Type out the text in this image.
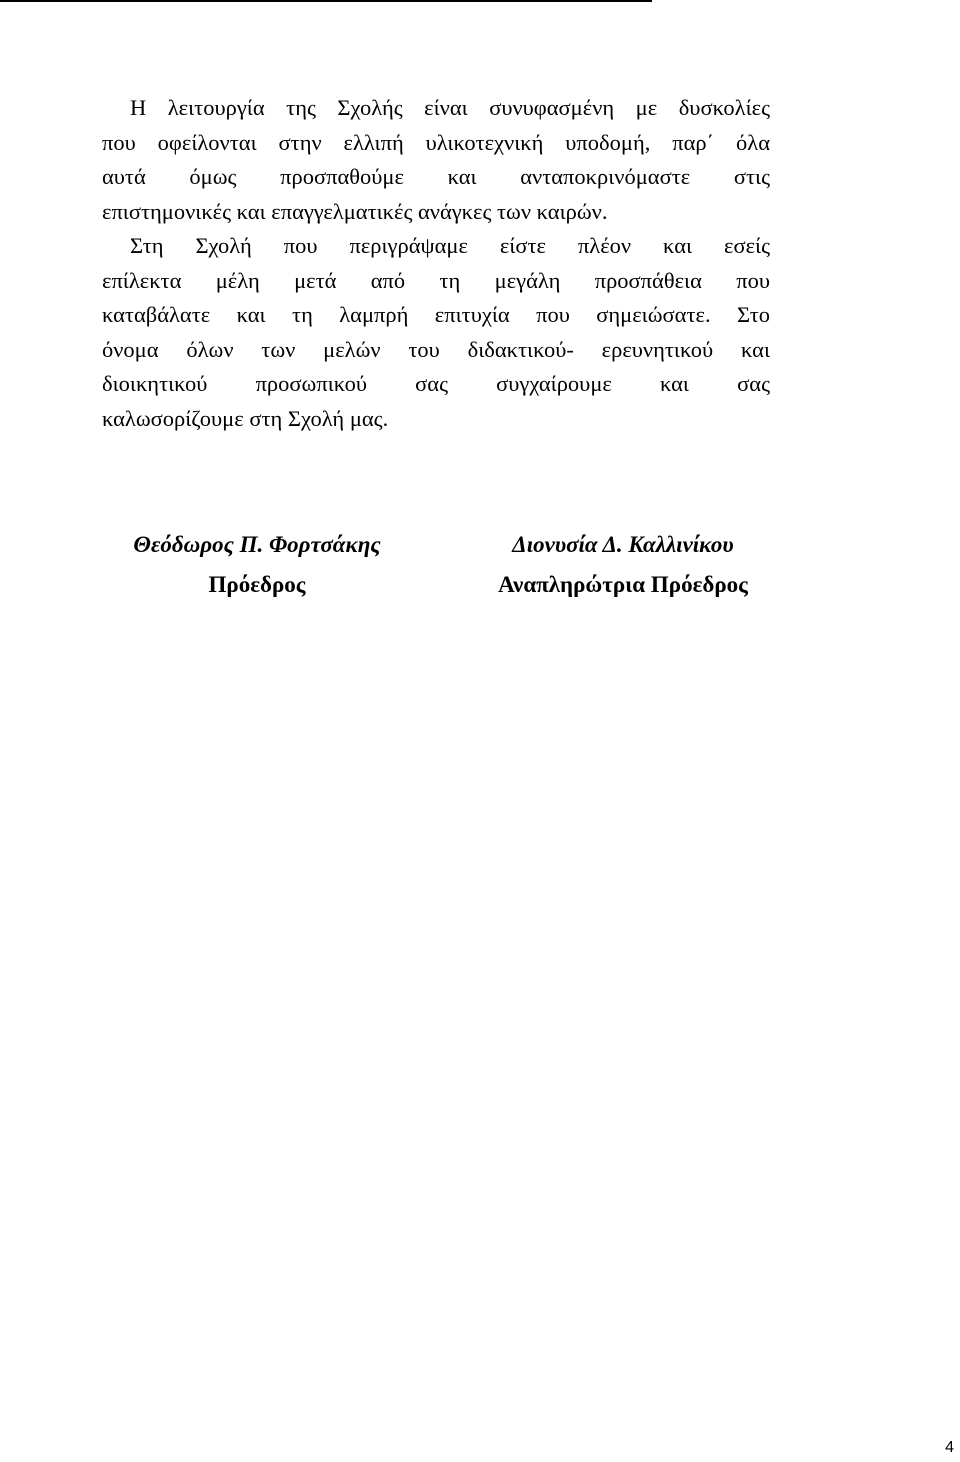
Η λειτουργία της Σχολής είναι συνυφασμένη με δυσκολίες
που οφείλονται στην ελλιπή υλικοτεχνική υποδομή, παρ΄ όλα
αυτά όμως προσπαθούμε και ανταποκρινόμαστε στις
επιστημονικές και επαγγελματικές ανάγκες των καιρών.
Στη Σχολή που περιγράψαμε είστε πλέον και εσείς
επίλεκτα μέλη μετά από τη μεγάλη προσπάθεια που
καταβάλατε και τη λαμπρή επιτυχία που σημειώσατε. Στο
όνομα όλων των μελών του διδακτικού- ερευνητικού και
διοικητικού προσωπικού σας συγχαίρουμε και σας
καλωσορίζουμε στη Σχολή μας.
Θεόδωρος Π. Φορτσάκης
Πρόεδρος
Διονυσία Δ. Καλλινίκου
Αναπληρώτρια Πρόεδρος
4
